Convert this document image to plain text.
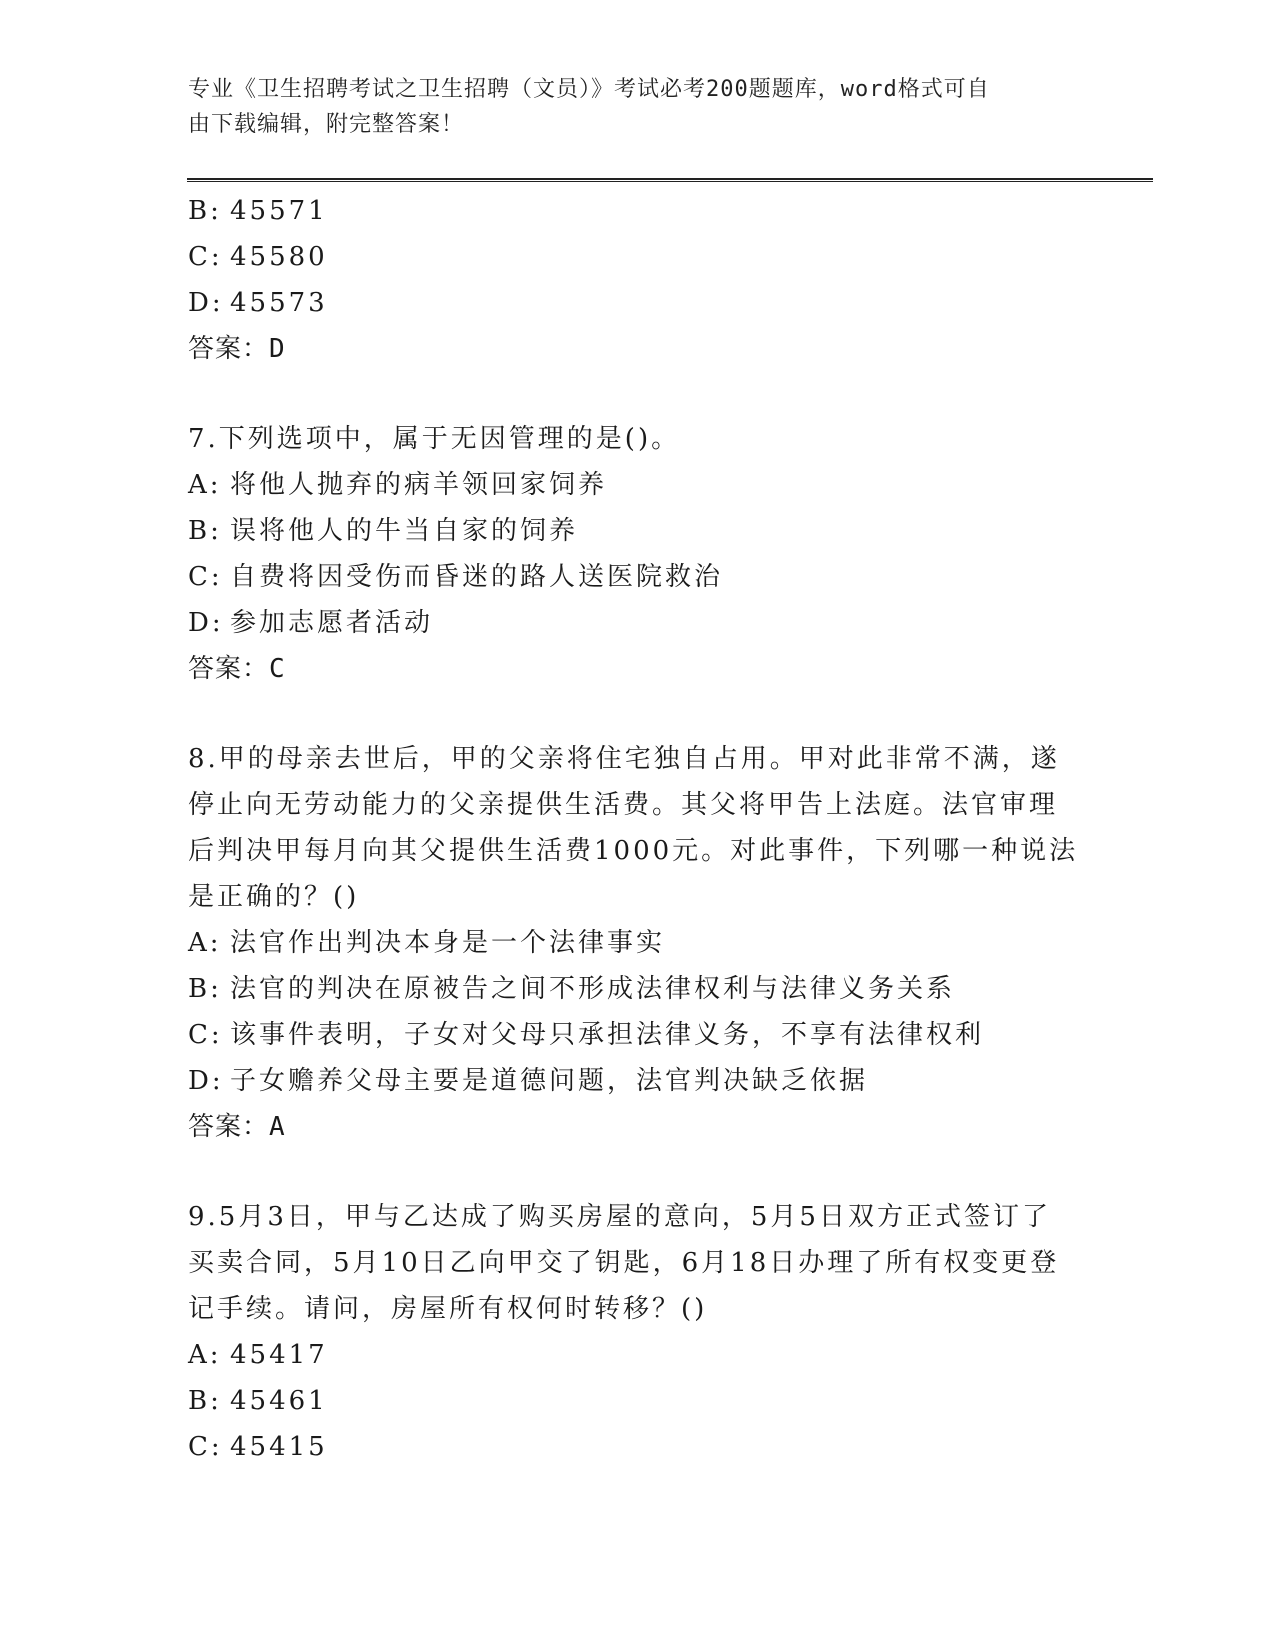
专业《卫生招聘考试之卫生招聘（文员）》考试必考200题题库，word格式可自
由下载编辑，附完整答案！
B: 45571
C: 45580
D: 45573
答案：D
7.下列选项中，属于无因管理的是()。
A: 将他人抛弃的病羊领回家饲养
B: 误将他人的牛当自家的饲养
C: 自费将因受伤而昏迷的路人送医院救治
D: 参加志愿者活动
答案：C
8.甲的母亲去世后，甲的父亲将住宅独自占用。甲对此非常不满，遂
停止向无劳动能力的父亲提供生活费。其父将甲告上法庭。法官审理
后判决甲每月向其父提供生活费1000元。对此事件，下列哪一种说法
是正确的？()
A: 法官作出判决本身是一个法律事实
B: 法官的判决在原被告之间不形成法律权利与法律义务关系
C: 该事件表明，子女对父母只承担法律义务，不享有法律权利
D: 子女赡养父母主要是道德问题，法官判决缺乏依据
答案：A
9.5月3日，甲与乙达成了购买房屋的意向，5月5日双方正式签订了
买卖合同，5月10日乙向甲交了钥匙，6月18日办理了所有权变更登
记手续。请问，房屋所有权何时转移？()
A: 45417
B: 45461
C: 45415
